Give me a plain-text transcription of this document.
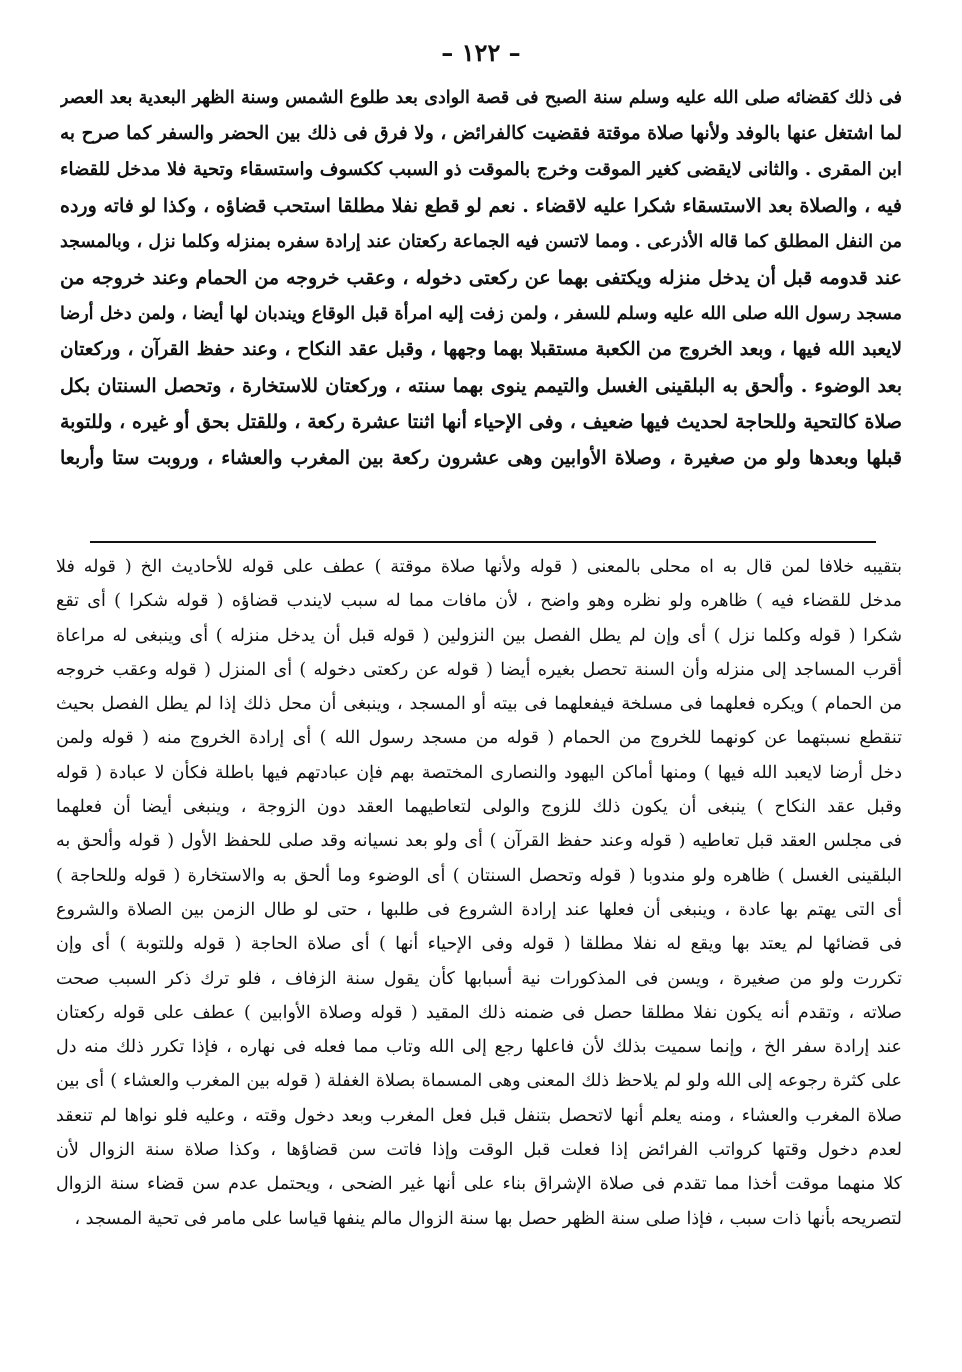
– ١٢٢ –
فى ذلك كقضائه صلى الله عليه وسلم سنة الصبح فى قصة الوادى بعد طلوع الشمس وسنة الظهر البعدية بعد العصر
لما اشتغل عنها بالوفد ولأنها صلاة موقتة فقضيت كالفرائض ، ولا فرق فى ذلك بين الحضر والسفر كما صرح به
ابن المقرى . والثانى لايقضى كغير الموقت وخرج بالموقت ذو السبب ككسوف واستسقاء وتحية فلا مدخل للقضاء
فيه ، والصلاة بعد الاستسقاء شكرا عليه لاقضاء . نعم لو قطع نفلا مطلقا استحب قضاؤه ، وكذا لو فاته ورده
من النفل المطلق كما قاله الأذرعى . ومما لاتسن فيه الجماعة ركعتان عند إرادة سفره بمنزله وكلما نزل ، وبالمسجد
عند قدومه قبل أن يدخل منزله ويكتفى بهما عن ركعتى دخوله ، وعقب خروجه من الحمام وعند خروجه من
مسجد رسول الله صلى الله عليه وسلم للسفر ، ولمن زفت إليه امرأة قبل الوقاع ويندبان لها أيضا ، ولمن دخل أرضا
لايعبد الله فيها ، وبعد الخروج من الكعبة مستقبلا بهما وجهها ، وقبل عقد النكاح ، وعند حفظ القرآن ، وركعتان
بعد الوضوء . وألحق به البلقينى الغسل والتيمم ينوى بهما سنته ، وركعتان للاستخارة ، وتحصل السنتان بكل
صلاة كالتحية وللحاجة لحديث فيها ضعيف ، وفى الإحياء أنها اثنتا عشرة ركعة ، وللقتل بحق أو غيره ، وللتوبة
قبلها وبعدها ولو من صغيرة ، وصلاة الأوابين وهى عشرون ركعة بين المغرب والعشاء ، وروبت ستا وأربعا
بتقيبه خلافا لمن قال به اه محلى بالمعنى ( قوله ولأنها صلاة موقتة ) عطف على قوله للأحاديث الخ ( قوله فلا
مدخل للقضاء فيه ) ظاهره ولو نظره وهو واضح ، لأن مافات مما له سبب لايندب قضاؤه ( قوله شكرا ) أى تقع
شكرا ( قوله وكلما نزل ) أى وإن لم يطل الفصل بين النزولين ( قوله قبل أن يدخل منزله ) أى وينبغى له مراعاة
أقرب المساجد إلى منزله وأن السنة تحصل بغيره أيضا ( قوله عن ركعتى دخوله ) أى المنزل ( قوله وعقب خروجه
من الحمام ) ويكره فعلهما فى مسلخة فيفعلهما فى بيته أو المسجد ، وينبغى أن محل ذلك إذا لم يطل الفصل بحيث
تنقطع نسبتهما عن كونهما للخروج من الحمام ( قوله من مسجد رسول الله ) أى إرادة الخروج منه ( قوله ولمن
دخل أرضا لايعبد الله فيها ) ومنها أماكن اليهود والنصارى المختصة بهم فإن عبادتهم فيها باطلة فكأن لا عبادة ( قوله
وقبل عقد النكاح ) ينبغى أن يكون ذلك للزوج والولى لتعاطيهما العقد دون الزوجة ، وينبغى أيضا أن فعلهما
فى مجلس العقد قبل تعاطيه ( قوله وعند حفظ القرآن ) أى ولو بعد نسيانه وقد صلى للحفظ الأول ( قوله وألحق به
البلقينى الغسل ) ظاهره ولو مندوبا ( قوله وتحصل السنتان ) أى الوضوء وما ألحق به والاستخارة ( قوله وللحاجة )
أى التى يهتم بها عادة ، وينبغى أن فعلها عند إرادة الشروع فى طلبها ، حتى لو طال الزمن بين الصلاة والشروع
فى قضائها لم يعتد بها ويقع له نفلا مطلقا ( قوله وفى الإحياء أنها ) أى صلاة الحاجة ( قوله وللتوبة ) أى وإن
تكررت ولو من صغيرة ، ويسن فى المذكورات نية أسبابها كأن يقول سنة الزفاف ، فلو ترك ذكر السبب صحت
صلاته ، وتقدم أنه يكون نفلا مطلقا حصل فى ضمنه ذلك المقيد ( قوله وصلاة الأوابين ) عطف على قوله ركعتان
عند إرادة سفر الخ ، وإنما سميت بذلك لأن فاعلها رجع إلى الله وتاب مما فعله فى نهاره ، فإذا تكرر ذلك منه دل
على كثرة رجوعه إلى الله ولو لم يلاحظ ذلك المعنى وهى المسماة بصلاة الغفلة ( قوله بين المغرب والعشاء ) أى بين
صلاة المغرب والعشاء ، ومنه يعلم أنها لاتحصل بتنفل قبل فعل المغرب وبعد دخول وقته ، وعليه فلو نواها لم تنعقد
لعدم دخول وقتها كرواتب الفرائض إذا فعلت قبل الوقت وإذا فاتت سن قضاؤها ، وكذا صلاة سنة الزوال لأن
كلا منهما موقت أخذا مما تقدم فى صلاة الإشراق بناء على أنها غير الضحى ، ويحتمل عدم سن قضاء سنة الزوال
لتصريحه بأنها ذات سبب ، فإذا صلى سنة الظهر حصل بها سنة الزوال مالم ينفها قياسا على مامر فى تحية المسجد ،
